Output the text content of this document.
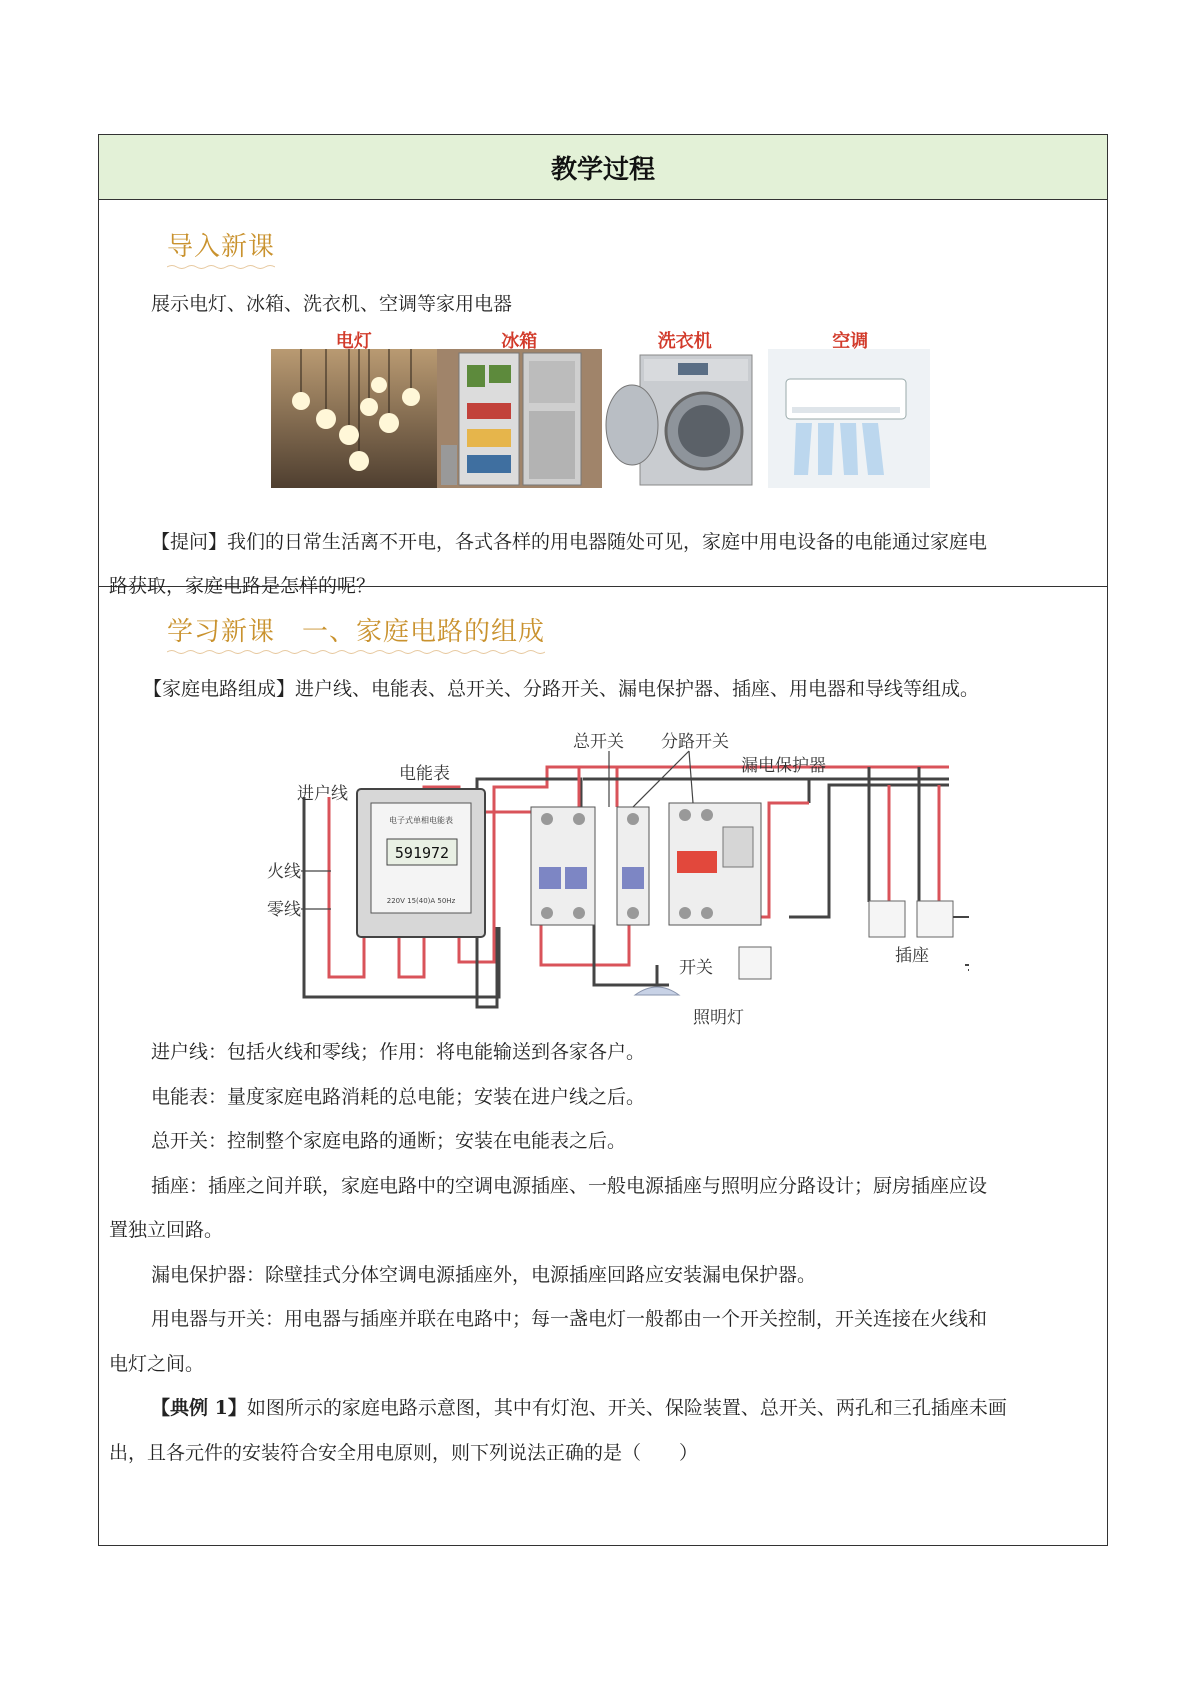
教学过程
导入新课
展示电灯、冰箱、洗衣机、空调等家用电器
电灯	冰箱	洗衣机	空调
【提问】我们的日常生活离不开电，各式各样的用电器随处可见，家庭中用电设备的电能通过家庭电
路获取，家庭电路是怎样的呢？
学习新课　一、家庭电路的组成
【家庭电路组成】进户线、电能表、总开关、分路开关、漏电保护器、插座、用电器和导线等组成。
591972
电子式单相电能表
220V 15(40)A 50Hz
电能表
进户线
火线
零线
总开关 分路开关
漏电保护器
开关
插座
照明灯
进户线：包括火线和零线；作用：将电能输送到各家各户。
电能表：量度家庭电路消耗的总电能；安装在进户线之后。
总开关：控制整个家庭电路的通断；安装在电能表之后。
插座：插座之间并联，家庭电路中的空调电源插座、一般电源插座与照明应分路设计；厨房插座应设
置独立回路。
漏电保护器：除壁挂式分体空调电源插座外，电源插座回路应安装漏电保护器。
用电器与开关：用电器与插座并联在电路中；每一盏电灯一般都由一个开关控制，开关连接在火线和
电灯之间。
【典例 1】如图所示的家庭电路示意图，其中有灯泡、开关、保险装置、总开关、两孔和三孔插座未画
出，且各元件的安装符合安全用电原则，则下列说法正确的是（　　）
